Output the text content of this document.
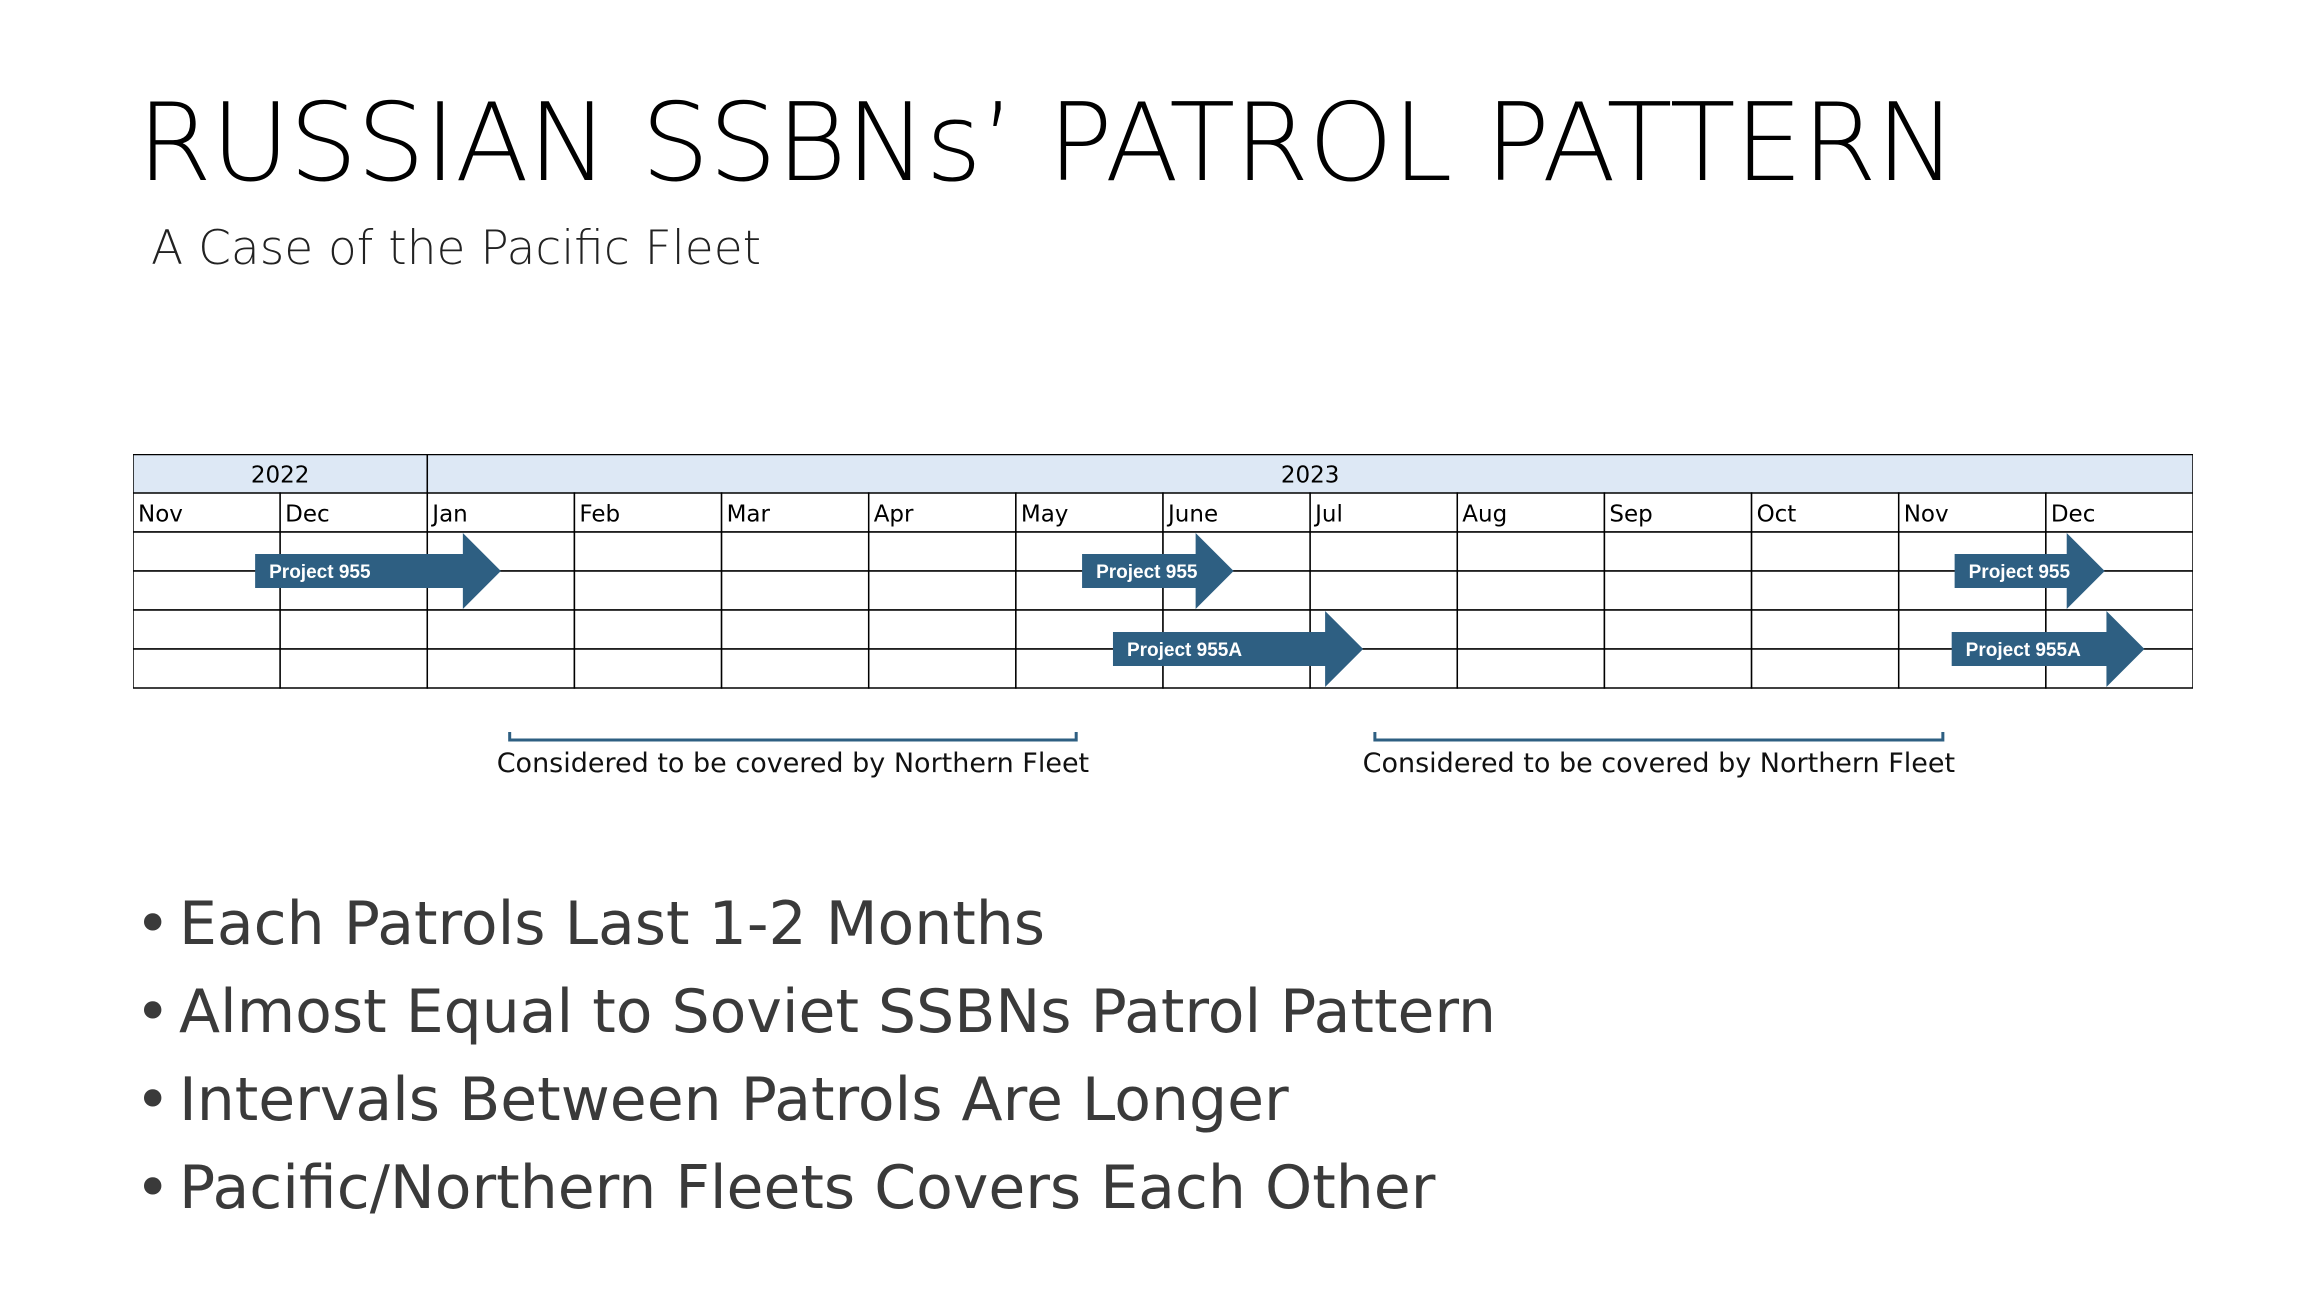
RUSSIAN SSBNs’ PATROL PATTERN
A Case of the Pacific Fleet
2022	2023
Nov	Dec	Jan	Feb	Mar	Apr	May	June	Jul	Aug	Sep	Oct	Nov	Dec
Project 955	Project 955
Project 955A
Project 955
Project 955A
Considered to be covered by Northern Fleet	Considered to be covered by Northern Fleet
• Each Patrols Last 1-2 Months
• Almost Equal to Soviet SSBNs Patrol Pattern
• Intervals Between Patrols Are Longer
• Pacific/Northern Fleets Covers Each Other
